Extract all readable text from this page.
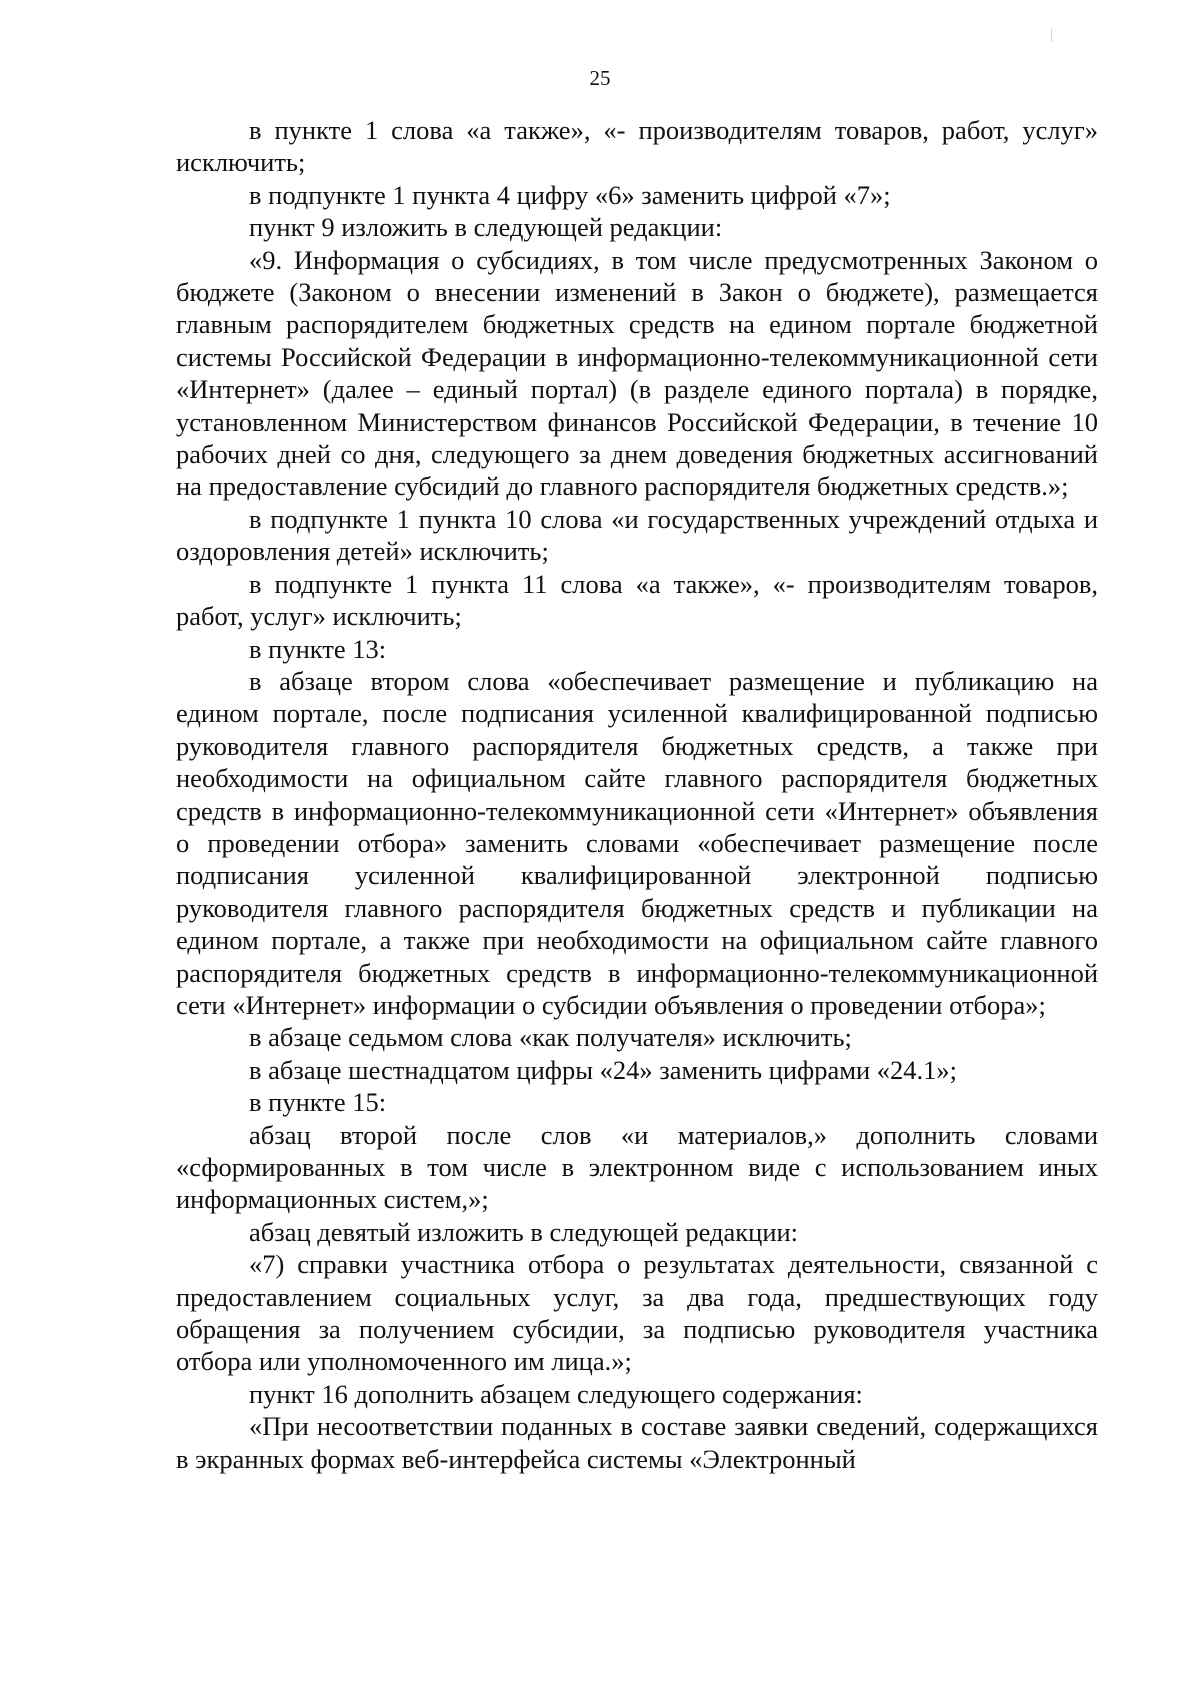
25

в пункте 1 слова «а также», «- производителям товаров, работ, услуг» исключить;

в подпункте 1 пункта 4 цифру «6» заменить цифрой «7»;

пункт 9 изложить в следующей редакции:

«9. Информация о субсидиях, в том числе предусмотренных Законом о бюджете (Законом о внесении изменений в Закон о бюджете), размещается главным распорядителем бюджетных средств на едином портале бюджетной системы Российской Федерации в информационно-телекоммуникационной сети «Интернет» (далее – единый портал) (в разделе единого портала) в порядке, установленном Министерством финансов Российской Федерации, в течение 10 рабочих дней со дня, следующего за днем доведения бюджетных ассигнований на предоставление субсидий до главного распорядителя бюджетных средств.»;

в подпункте 1 пункта 10 слова «и государственных учреждений отдыха и оздоровления детей» исключить;

в подпункте 1 пункта 11 слова «а также», «- производителям товаров, работ, услуг» исключить;

в пункте 13:

в абзаце втором слова «обеспечивает размещение и публикацию на едином портале, после подписания усиленной квалифицированной подписью руководителя главного распорядителя бюджетных средств, а также при необходимости на официальном сайте главного распорядителя бюджетных средств в информационно-телекоммуникационной сети «Интернет» объявления о проведении отбора» заменить словами «обеспечивает размещение после подписания усиленной квалифицированной электронной подписью руководителя главного распорядителя бюджетных средств и публикации на едином портале, а также при необходимости на официальном сайте главного распорядителя бюджетных средств в информационно-телекоммуникационной сети «Интернет» информации о субсидии объявления о проведении отбора»;

в абзаце седьмом слова «как получателя» исключить;

в абзаце шестнадцатом цифры «24» заменить цифрами «24.1»;

в пункте 15:

абзац второй после слов «и материалов,» дополнить словами «сформированных в том числе в электронном виде с использованием иных информационных систем,»;

абзац девятый изложить в следующей редакции:

«7) справки участника отбора о результатах деятельности, связанной с предоставлением социальных услуг, за два года, предшествующих году обращения за получением субсидии, за подписью руководителя участника отбора или уполномоченного им лица.»;

пункт 16 дополнить абзацем следующего содержания:

«При несоответствии поданных в составе заявки сведений, содержащихся в экранных формах веб-интерфейса системы «Электронный
